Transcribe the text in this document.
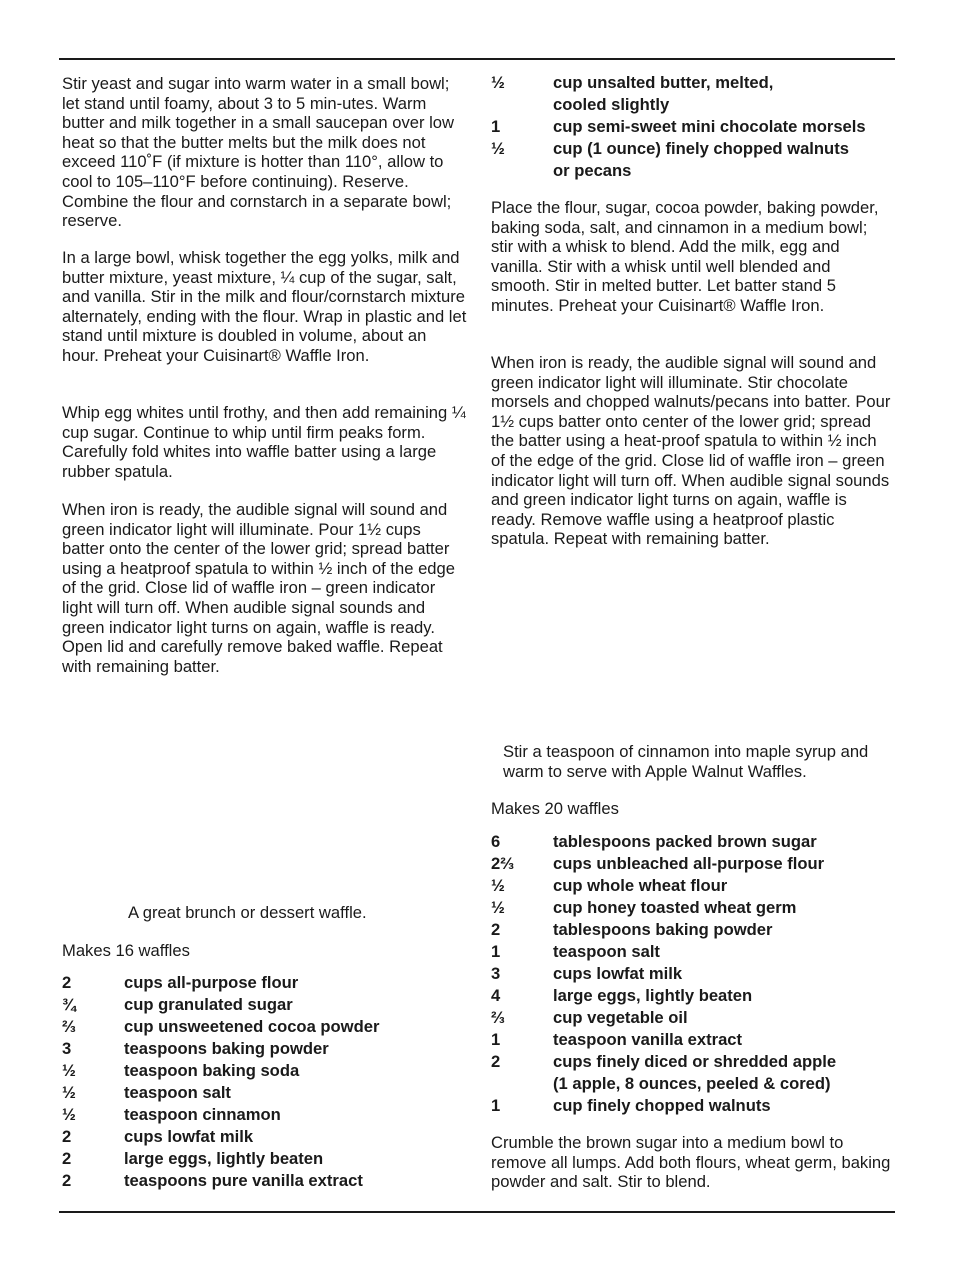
Stir yeast and sugar into warm water in a small bowl; let stand until foamy, about 3 to 5 min-utes. Warm butter and milk together in a small saucepan over low heat so that the butter melts but the milk does not exceed 110˚F (if mixture is hotter than 110°, allow to cool to 105–110°F before continuing). Reserve. Combine the flour and cornstarch in a separate bowl; reserve.

In a large bowl, whisk together the egg yolks, milk and butter mixture, yeast mixture, ¼ cup of the sugar, salt, and vanilla. Stir in the milk and flour/cornstarch mixture alternately, ending with the flour. Wrap in plastic and let stand until mixture is doubled in volume, about an hour. Preheat your Cuisinart® Waffle Iron.

Whip egg whites until frothy, and then add remaining ¼ cup sugar. Continue to whip until firm peaks form. Carefully fold whites into waffle batter using a large rubber spatula.

When iron is ready, the audible signal will sound and green indicator light will illuminate. Pour 1½ cups batter onto the center of the lower grid; spread batter using a heatproof spatula to within ½ inch of the edge of the grid. Close lid of waffle iron – green indicator light will turn off. When audible signal sounds and green indicator light turns on again, waffle is ready. Open lid and carefully remove baked waffle. Repeat with remaining batter.

A great brunch or dessert waffle.

Makes 16 waffles

2	cups all-purpose flour
¾	cup granulated sugar
⅔	cup unsweetened cocoa powder
3	teaspoons baking powder
½	teaspoon baking soda
½	teaspoon salt
½	teaspoon cinnamon
2	cups lowfat milk
2	large eggs, lightly beaten
2	teaspoons pure vanilla extract
½	cup unsalted butter, melted,
cooled slightly
1	cup semi-sweet mini chocolate morsels
½	cup (1 ounce) finely chopped walnuts
or pecans

Place the flour, sugar, cocoa powder, baking powder, baking soda, salt, and cinnamon in a medium bowl; stir with a whisk to blend. Add the milk, egg and vanilla. Stir with a whisk until well blended and smooth. Stir in melted butter. Let batter stand 5 minutes. Preheat your Cuisinart® Waffle Iron.

When iron is ready, the audible signal will sound and green indicator light will illuminate. Stir chocolate morsels and chopped walnuts/pecans into batter. Pour 1½ cups batter onto center of the lower grid; spread the batter using a heat-proof spatula to within ½ inch of the edge of the grid. Close lid of waffle iron – green indicator light will turn off. When audible signal sounds and green indicator light turns on again, waffle is ready. Remove waffle using a heatproof plastic spatula. Repeat with remaining batter.

Stir a teaspoon of cinnamon into maple syrup and warm to serve with Apple Walnut Waffles.

Makes 20 waffles

6	tablespoons packed brown sugar
2⅔	cups unbleached all-purpose flour
½	cup whole wheat flour
½	cup honey toasted wheat germ
2	tablespoons baking powder
1	teaspoon salt
3	cups lowfat milk
4	large eggs, lightly beaten
⅔	cup vegetable oil
1	teaspoon vanilla extract
2	cups finely diced or shredded apple
(1 apple, 8 ounces, peeled & cored)
1	cup finely chopped walnuts

Crumble the brown sugar into a medium bowl to remove all lumps. Add both flours, wheat germ, baking powder and salt. Stir to blend.
